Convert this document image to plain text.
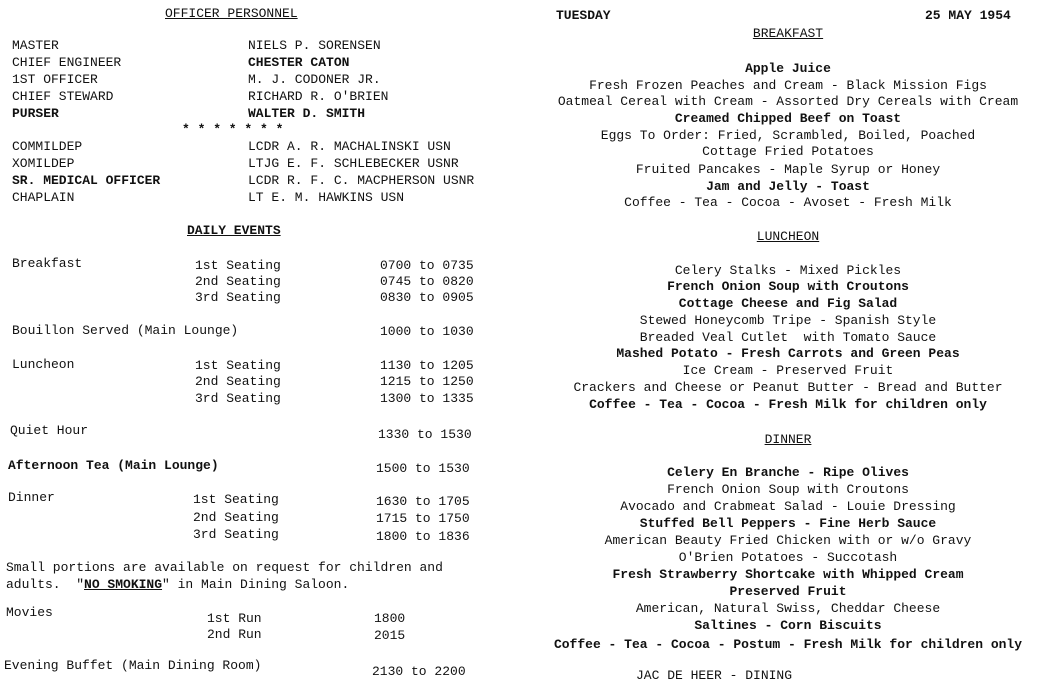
OFFICER PERSONNEL
MASTER	NIELS P. SORENSEN
CHIEF ENGINEER	CHESTER CATON
1ST OFFICER	M. J. CODONER JR.
CHIEF STEWARD	RICHARD R. O'BRIEN
PURSER	WALTER D. SMITH
* * * * * * *
COMMILDEP	LCDR A. R. MACHALINSKI USN
XOMILDEP	LTJG E. F. SCHLEBECKER USNR
SR. MEDICAL OFFICER	LCDR R. F. C. MACPHERSON USNR
CHAPLAIN	LT E. M. HAWKINS USN
DAILY EVENTS
Breakfast	1st Seating	0700 to 0735
2nd Seating	0745 to 0820
3rd Seating	0830 to 0905
Bouillon Served (Main Lounge)	1000 to 1030
Luncheon	1st Seating	1130 to 1205
2nd Seating	1215 to 1250
3rd Seating	1300 to 1335
Quiet Hour	1330 to 1530
Afternoon Tea (Main Lounge)	1500 to 1530
Dinner	1st Seating	1630 to 1705
2nd Seating	1715 to 1750
3rd Seating	1800 to 1836
Small portions are available on request for children and
adults.  "NO SMOKING" in Main Dining Saloon.
Movies	1st Run	1800
2nd Run	2015
Evening Buffet (Main Dining Room)	2130 to 2200
TUESDAY	25 MAY 1954
BREAKFAST
Apple Juice
Fresh Frozen Peaches and Cream - Black Mission Figs
Oatmeal Cereal with Cream - Assorted Dry Cereals with Cream
Creamed Chipped Beef on Toast
Eggs To Order: Fried, Scrambled, Boiled, Poached
Cottage Fried Potatoes
Fruited Pancakes - Maple Syrup or Honey
Jam and Jelly - Toast
Coffee - Tea - Cocoa - Avoset - Fresh Milk
LUNCHEON
Celery Stalks - Mixed Pickles
French Onion Soup with Croutons
Cottage Cheese and Fig Salad
Stewed Honeycomb Tripe - Spanish Style
Breaded Veal Cutlet  with Tomato Sauce
Mashed Potato - Fresh Carrots and Green Peas
Ice Cream - Preserved Fruit
Crackers and Cheese or Peanut Butter - Bread and Butter
Coffee - Tea - Cocoa - Fresh Milk for children only
DINNER
Celery En Branche - Ripe Olives
French Onion Soup with Croutons
Avocado and Crabmeat Salad - Louie Dressing
Stuffed Bell Peppers - Fine Herb Sauce
American Beauty Fried Chicken with or w/o Gravy
O'Brien Potatoes - Succotash
Fresh Strawberry Shortcake with Whipped Cream
Preserved Fruit
American, Natural Swiss, Cheddar Cheese
Saltines - Corn Biscuits
Coffee - Tea - Cocoa - Postum - Fresh Milk for children only
JAC DE HEER - DINING
